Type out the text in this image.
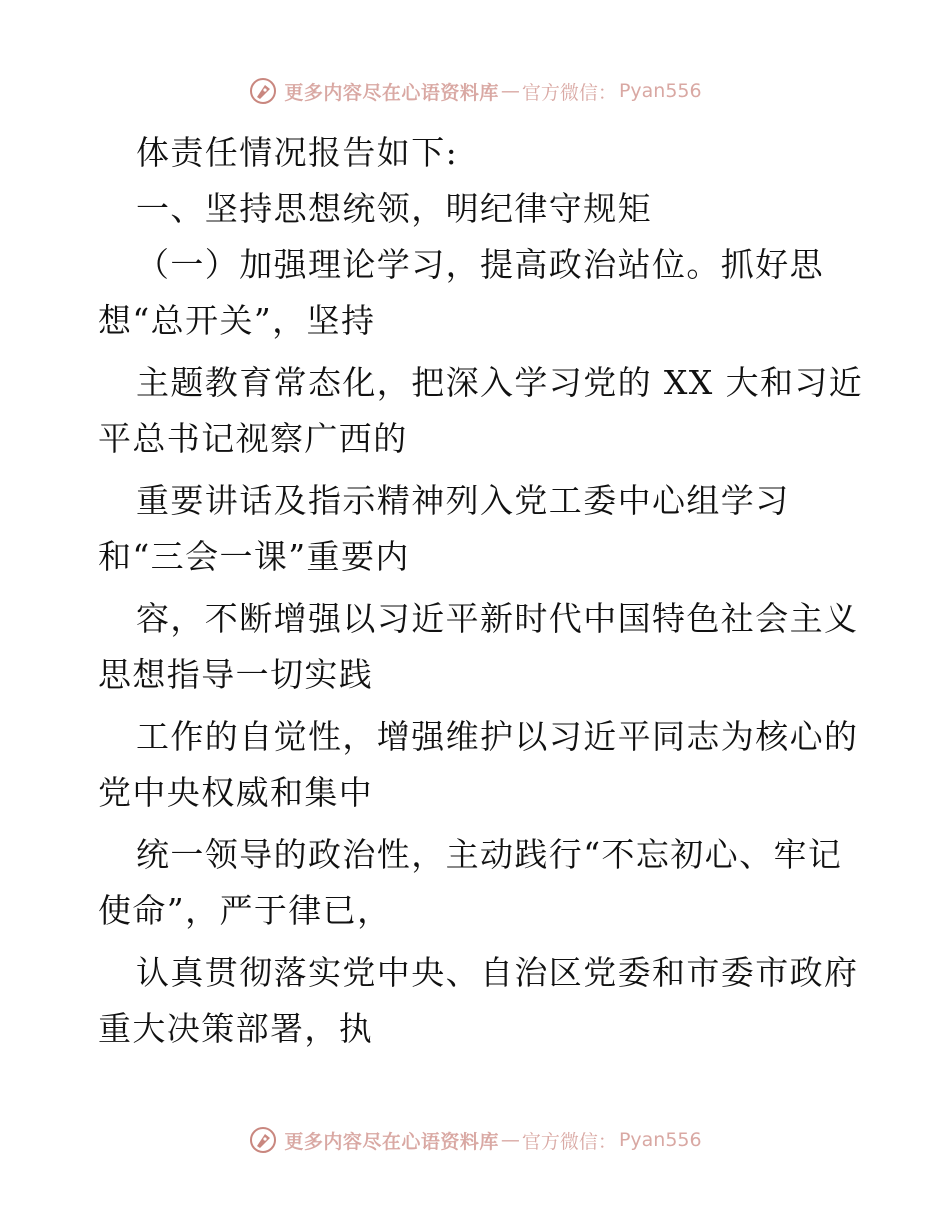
更多内容尽在心语资料库 — 官方微信： Pyan556
体责任情况报告如下:
一、坚持思想统领，明纪律守规矩
（一）加强理论学习，提高政治站位。抓好思
想“总开关”，坚持
主题教育常态化，把深入学习党的 XX 大和习近
平总书记视察广西的
重要讲话及指示精神列入党工委中心组学习
和“三会一课”重要内
容，不断增强以习近平新时代中国特色社会主义
思想指导一切实践
工作的自觉性，增强维护以习近平同志为核心的
党中央权威和集中
统一领导的政治性，主动践行“不忘初心、牢记
使命”，严于律已，
认真贯彻落实党中央、自治区党委和市委市政府
重大决策部署，执
更多内容尽在心语资料库 — 官方微信： Pyan556
